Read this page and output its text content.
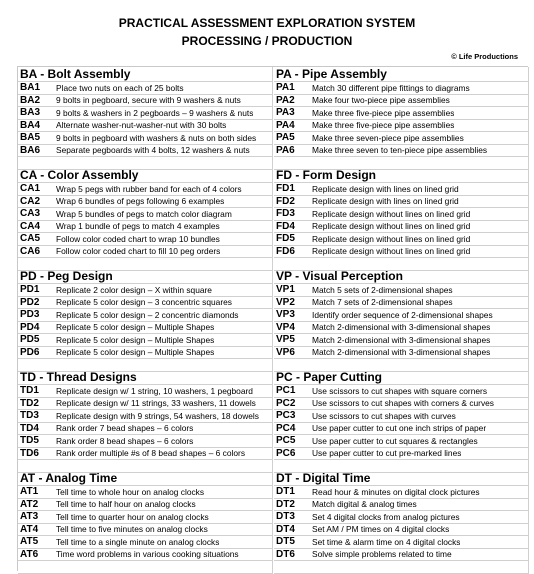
PRACTICAL ASSESSMENT EXPLORATION SYSTEM
PROCESSING / PRODUCTION
© Life Productions
BA - Bolt Assembly
BA1	Place two nuts on each of 25 bolts
BA2	9 bolts in pegboard, secure with 9 washers & nuts
BA3	9 bolts & washers in 2 pegboards – 9 washers & nuts
BA4	Alternate washer-nut-washer-nut with 30 bolts
BA5	9 bolts in pegboard with washers & nuts on both sides
BA6	Separate pegboards with 4 bolts, 12 washers & nuts
PA - Pipe Assembly
PA1	Match 30 different pipe fittings to diagrams
PA2	Make four two-piece pipe assemblies
PA3	Make three five-piece pipe assemblies
PA4	Make three five-piece pipe assemblies
PA5	Make three seven-piece pipe assemblies
PA6	Make three seven to ten-piece pipe assemblies
CA - Color Assembly
CA1	Wrap 5 pegs with rubber band for each of 4 colors
CA2	Wrap 6 bundles of pegs following 6 examples
CA3	Wrap 5 bundles of pegs to match color diagram
CA4	Wrap 1 bundle of pegs to match 4 examples
CA5	Follow color coded chart to wrap 10 bundles
CA6	Follow color coded chart to fill 10 peg orders
FD - Form Design
FD1	Replicate design with lines on lined grid
FD2	Replicate design with lines on lined grid
FD3	Replicate design without lines on lined grid
FD4	Replicate design without lines on lined grid
FD5	Replicate design without lines on lined grid
FD6	Replicate design without lines on lined grid
PD - Peg Design
PD1	Replicate 2 color design – X within square
PD2	Replicate 5 color design – 3 concentric squares
PD3	Replicate 5 color design – 2 concentric diamonds
PD4	Replicate 5 color design – Multiple Shapes
PD5	Replicate 5 color design – Multiple Shapes
PD6	Replicate 5 color design – Multiple Shapes
VP - Visual Perception
VP1	Match 5 sets of 2-dimensional shapes
VP2	Match 7 sets of 2-dimensional shapes
VP3	Identify order sequence of 2-dimensional shapes
VP4	Match 2-dimensional with 3-dimensional shapes
VP5	Match 2-dimensional with 3-dimensional shapes
VP6	Match 2-dimensional with 3-dimensional shapes
TD - Thread Designs
TD1	Replicate design w/ 1 string, 10 washers, 1 pegboard
TD2	Replicate design w/ 11 strings, 33 washers, 11 dowels
TD3	Replicate design with 9 strings, 54 washers, 18 dowels
TD4	Rank order 7 bead shapes – 6 colors
TD5	Rank order 8 bead shapes – 6 colors
TD6	Rank order multiple #s of 8 bead shapes – 6 colors
PC - Paper Cutting
PC1	Use scissors to cut shapes with square corners
PC2	Use scissors to cut shapes with corners & curves
PC3	Use scissors to cut shapes with curves
PC4	Use paper cutter to cut one inch strips of paper
PC5	Use paper cutter to cut squares & rectangles
PC6	Use paper cutter to cut pre-marked lines
AT - Analog Time
AT1	Tell time to whole hour on analog clocks
AT2	Tell time to half hour on analog clocks
AT3	Tell time to quarter hour on analog clocks
AT4	Tell time to five minutes on analog clocks
AT5	Tell time to a single minute on analog clocks
AT6	Time word problems in various cooking situations
DT - Digital Time
DT1	Read hour & minutes on digital clock pictures
DT2	Match digital & analog times
DT3	Set 4 digital clocks from analog pictures
DT4	Set AM / PM times on 4 digital clocks
DT5	Set time & alarm time on 4 digital clocks
DT6	Solve simple problems related to time
